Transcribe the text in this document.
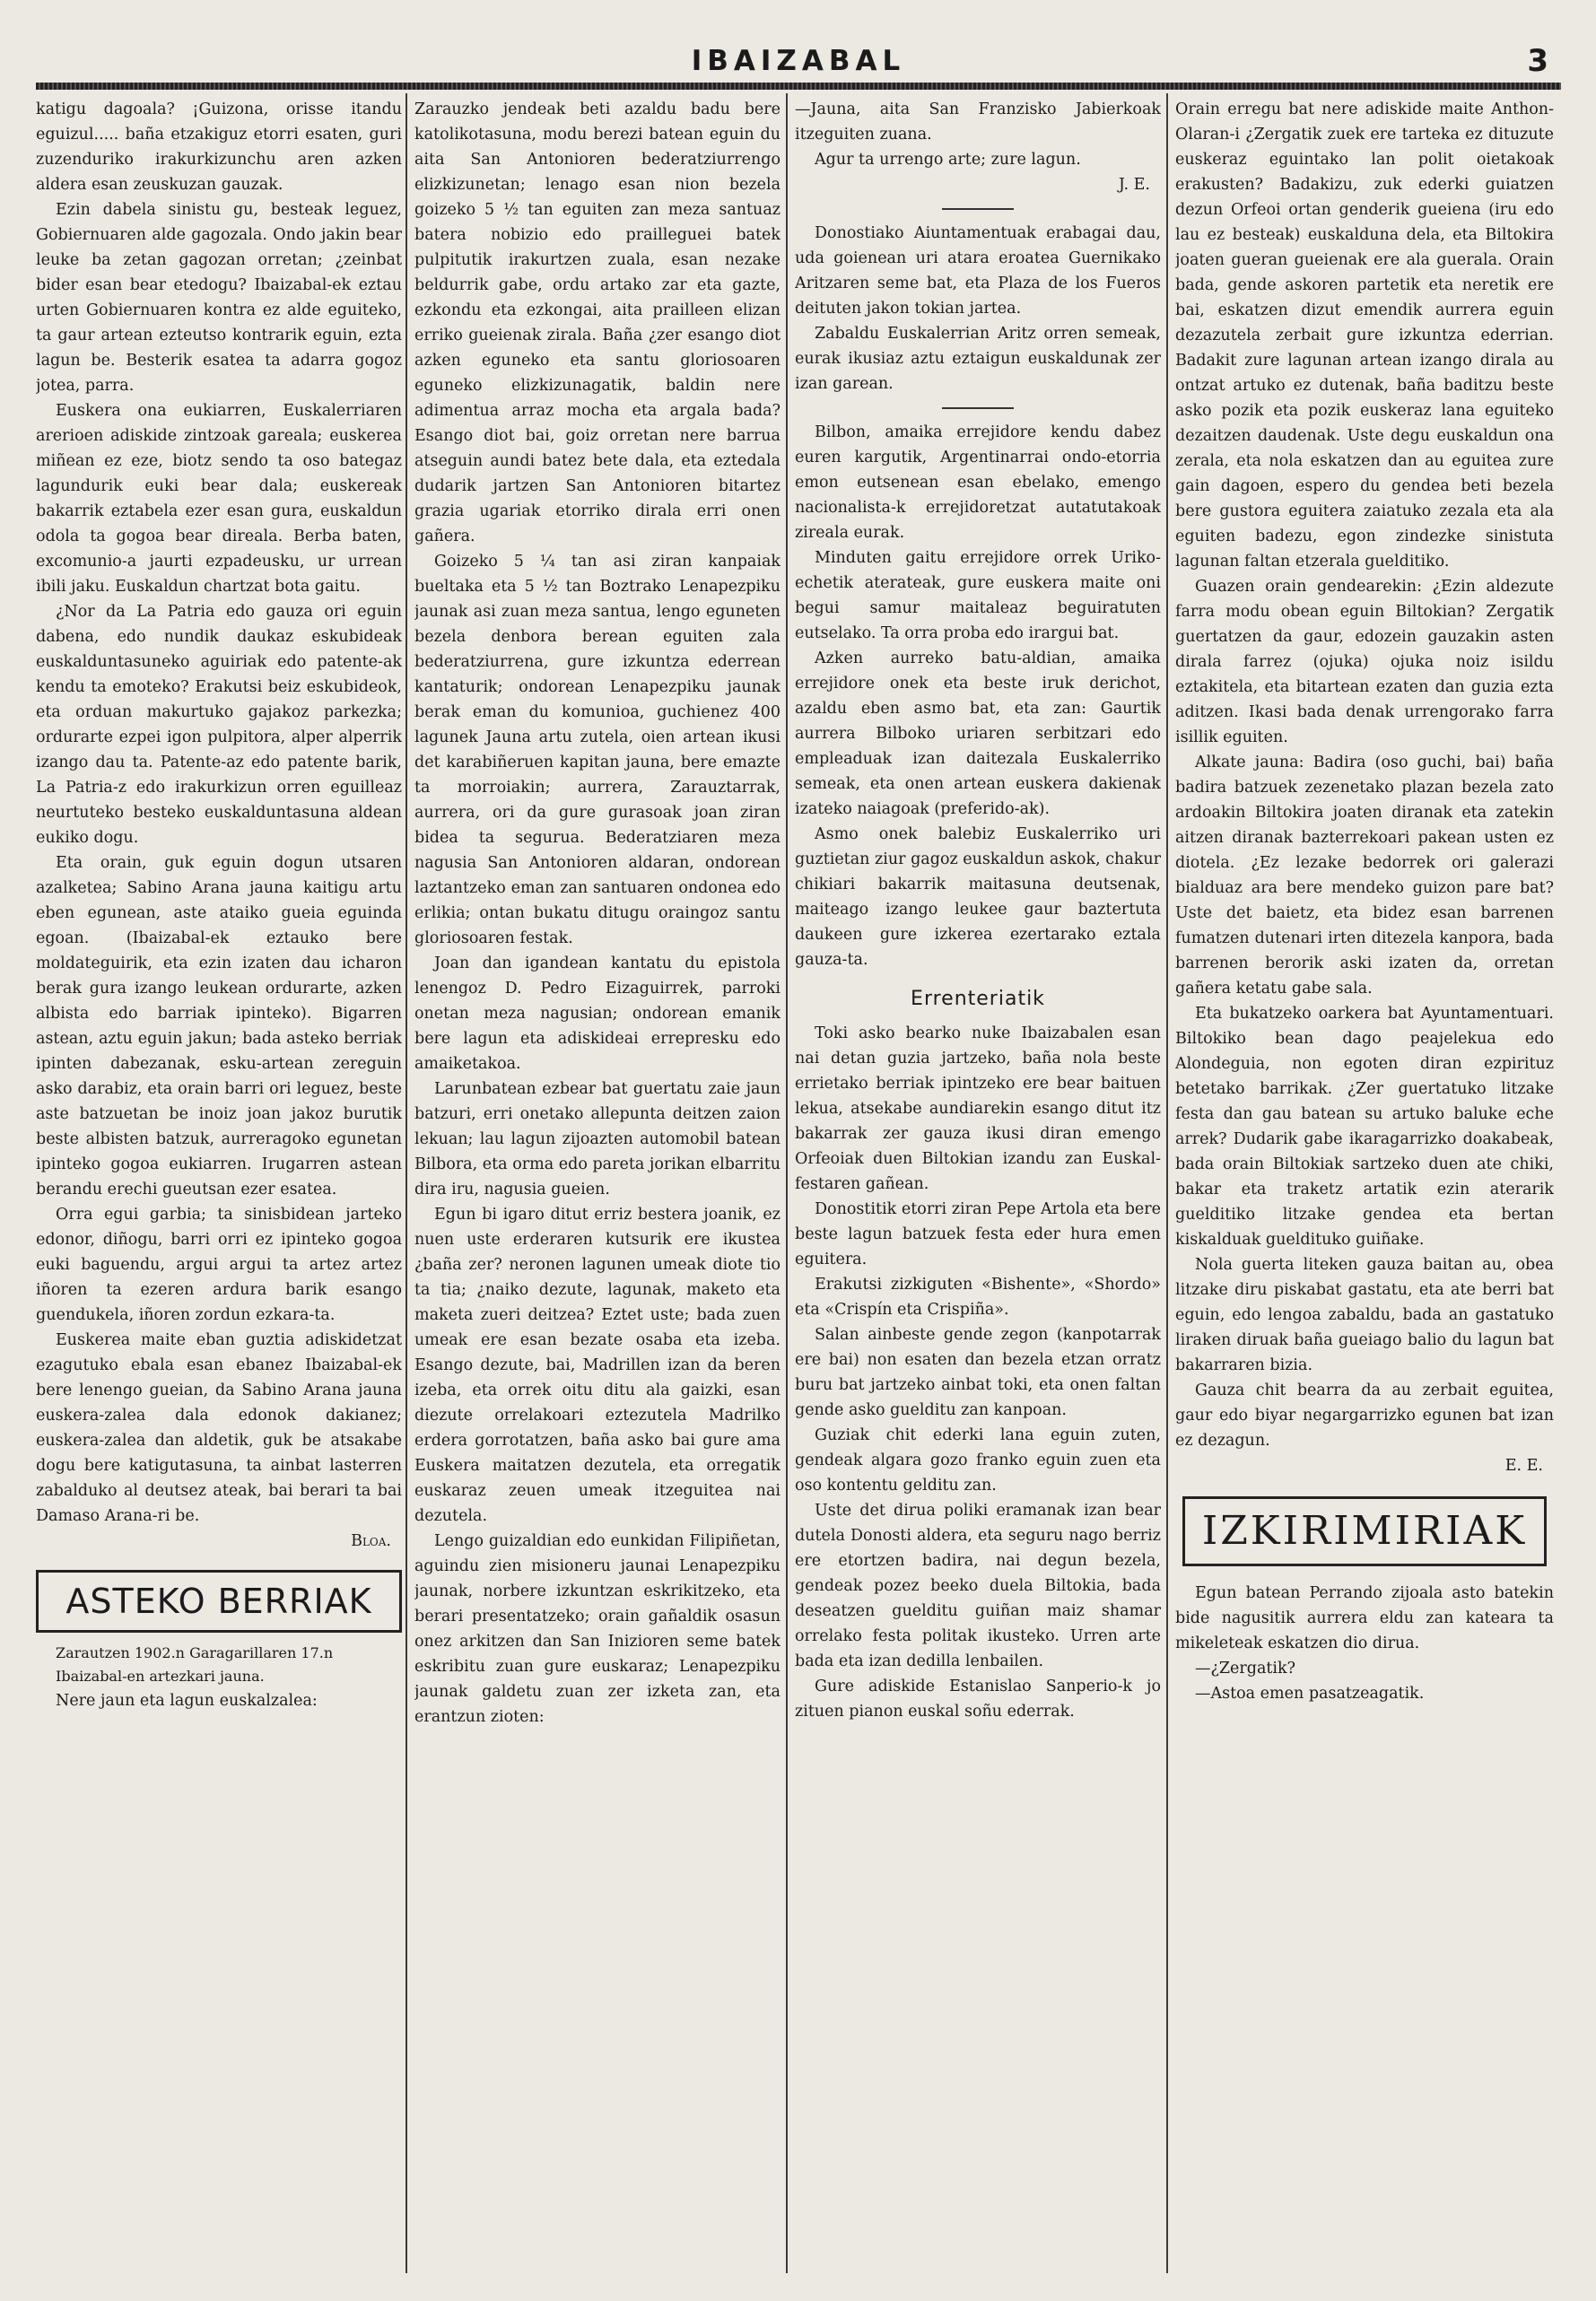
IBAIZABAL	3

katigu dagoala? ¡Guizona, orisse itandu eguizul..... baña etzakiguz etorri esaten, guri zuzenduriko irakurkizunchu aren azken aldera esan zeuskuzan gauzak.

Ezin dabela sinistu gu, besteak leguez, Gobiernuaren alde gagozala. Ondo jakin bear leuke ba zetan gagozan orretan; ¿zeinbat bider esan bear etedogu? Ibaizabal-ek eztau urten Gobiernuaren kontra ez alde eguiteko, ta gaur artean ezteutso kontrarik eguin, ezta lagun be. Besterik esatea ta adarra gogoz jotea, parra.

Euskera ona eukiarren, Euskalerriaren arerioen adiskide zintzoak gareala; euskerea miñean ez eze, biotz sendo ta oso bategaz lagundurik euki bear dala; euskereak bakarrik eztabela ezer esan gura, euskaldun odola ta gogoa bear direala. Berba baten, excomunio-a jaurti ezpadeusku, ur urrean ibili jaku. Euskaldun chartzat bota gaitu.

¿Nor da La Patria edo gauza ori eguin dabena, edo nundik daukaz eskubideak euskalduntasuneko aguiriak edo patente-ak kendu ta emoteko? Erakutsi beiz eskubideok, eta orduan makurtuko gajakoz parkezka; ordurarte ezpei igon pulpitora, alper alperrik izango dau ta. Patente-az edo patente barik, La Patria-z edo irakurkizun orren eguilleaz neurtuteko besteko euskalduntasuna aldean eukiko dogu.

Eta orain, guk eguin dogun utsaren azalketea; Sabino Arana jauna kaitigu artu eben egunean, aste ataiko gueia eguinda egoan. (Ibaizabal-ek eztauko bere moldateguirik, eta ezin izaten dau icharon berak gura izango leukean ordurarte, azken albista edo barriak ipinteko). Bigarren astean, aztu eguin jakun; bada asteko berriak ipinten dabezanak, esku-artean zereguin asko darabiz, eta orain barri ori leguez, beste aste batzuetan be inoiz joan jakoz burutik beste albisten batzuk, aurreragoko egunetan ipinteko gogoa eukiarren. Irugarren astean berandu erechi gueutsan ezer esatea.

Orra egui garbia; ta sinisbidean jarteko edonor, diñogu, barri orri ez ipinteko gogoa euki baguendu, argui argui ta artez artez iñoren ta ezeren ardura barik esango guendukela, iñoren zordun ezkara-ta.

Euskerea maite eban guztia adiskidetzat ezagutuko ebala esan ebanez Ibaizabal-ek bere lenengo gueian, da Sabino Arana jauna euskera-zalea dala edonok dakianez; euskera-zalea dan aldetik, guk be atsakabe dogu bere katigutasuna, ta ainbat lasterren zabalduko al deutsez ateak, bai berari ta bai Damaso Arana-ri be.

Bloa.

ASTEKO BERRIAK

Zarautzen 1902.n Garagarillaren 17.n

Ibaizabal-en artezkari jauna.

Nere jaun eta lagun euskalzalea:

Zarauzko jendeak beti azaldu badu bere katolikotasuna, modu berezi batean eguin du aita San Antonioren bederatziurrengo elizkizunetan; lenago esan nion bezela goizeko 5 ½ tan eguiten zan meza santuaz batera nobizio edo prailleguei batek pulpitutik irakurtzen zuala, esan nezake beldurrik gabe, ordu artako zar eta gazte, ezkondu eta ezkongai, aita prailleen elizan erriko gueienak zirala. Baña ¿zer esango diot azken eguneko eta santu gloriosoaren eguneko elizkizunagatik, baldin nere adimentua arraz mocha eta argala bada? Esango diot bai, goiz orretan nere barrua atseguin aundi batez bete dala, eta eztedala dudarik jartzen San Antonioren bitartez grazia ugariak etorriko dirala erri onen gañera.

Goizeko 5 ¼ tan asi ziran kanpaiak bueltaka eta 5 ½ tan Boztrako Lenapezpiku jaunak asi zuan meza santua, lengo eguneten bezela denbora berean eguiten zala bederatziurrena, gure izkuntza ederrean kantaturik; ondorean Lenapezpiku jaunak berak eman du komunioa, guchienez 400 lagunek Jauna artu zutela, oien artean ikusi det karabiñeruen kapitan jauna, bere emazte ta morroiakin; aurrera, Zarauztarrak, aurrera, ori da gure gurasoak joan ziran bidea ta segurua. Bederatziaren meza nagusia San Antonioren aldaran, ondorean laztantzeko eman zan santuaren ondonea edo erlikia; ontan bukatu ditugu oraingoz santu gloriosoaren festak.

Joan dan igandean kantatu du epistola lenengoz D. Pedro Eizaguirrek, parroki onetan meza nagusian; ondorean emanik bere lagun eta adiskideai errepresku edo amaiketakoa.

Larunbatean ezbear bat guertatu zaie jaun batzuri, erri onetako allepunta deitzen zaion lekuan; lau lagun zijoazten automobil batean Bilbora, eta orma edo pareta jorikan elbarritu dira iru, nagusia gueien.

Egun bi igaro ditut erriz bestera joanik, ez nuen uste erderaren kutsurik ere ikustea ¿baña zer? neronen lagunen umeak diote tio ta tia; ¿naiko dezute, lagunak, maketo eta maketa zueri deitzea? Eztet uste; bada zuen umeak ere esan bezate osaba eta izeba. Esango dezute, bai, Madrillen izan da beren izeba, eta orrek oitu ditu ala gaizki, esan diezute orrelakoari eztezutela Madrilko erdera gorrotatzen, baña asko bai gure ama Euskera maitatzen dezutela, eta orregatik euskaraz zeuen umeak itzeguitea nai dezutela.

Lengo guizaldian edo eunkidan Filipiñetan, aguindu zien misioneru jaunai Lenapezpiku jaunak, norbere izkuntzan eskrikitzeko, eta berari presentatzeko; orain gañaldik osasun onez arkitzen dan San Inizioren seme batek eskribitu zuan gure euskaraz; Lenapezpiku jaunak galdetu zuan zer izketa zan, eta erantzun zioten:

—Jauna, aita San Franzisko Jabierkoak itzeguiten zuana.

Agur ta urrengo arte; zure lagun.

J. E.

Donostiako Aiuntamentuak erabagai dau, uda goienean uri atara eroatea Guernikako Aritzaren seme bat, eta Plaza de los Fueros deituten jakon tokian jartea.

Zabaldu Euskalerrian Aritz orren semeak, eurak ikusiaz aztu eztaigun euskaldunak zer izan garean.

Bilbon, amaika errejidore kendu dabez euren kargutik, Argentinarrai ondo-etorria emon eutsenean esan ebelako, emengo nacionalista-k errejidoretzat autatutakoak zireala eurak.

Minduten gaitu errejidore orrek Uriko-echetik aterateak, gure euskera maite oni begui samur maitaleaz beguiratuten eutselako. Ta orra proba edo irargui bat.

Azken aurreko batu-aldian, amaika errejidore onek eta beste iruk derichot, azaldu eben asmo bat, eta zan: Gaurtik aurrera Bilboko uriaren serbitzari edo empleaduak izan daitezala Euskalerriko semeak, eta onen artean euskera dakienak izateko naiagoak (preferido-ak).

Asmo onek balebiz Euskalerriko uri guztietan ziur gagoz euskaldun askok, chakur chikiari bakarrik maitasuna deutsenak, maiteago izango leukee gaur baztertuta daukeen gure izkerea ezertarako eztala gauza-ta.

Errenteriatik

Toki asko bearko nuke Ibaizabalen esan nai detan guzia jartzeko, baña nola beste errietako berriak ipintzeko ere bear baituen lekua, atsekabe aundiarekin esango ditut itz bakarrak zer gauza ikusi diran emengo Orfeoiak duen Biltokian izandu zan Euskal-festaren gañean.

Donostitik etorri ziran Pepe Artola eta bere beste lagun batzuek festa eder hura emen eguitera.

Erakutsi zizkiguten «Bishente», «Shordo» eta «Crispín eta Crispiña».

Salan ainbeste gende zegon (kanpotarrak ere bai) non esaten dan bezela etzan orratz buru bat jartzeko ainbat toki, eta onen faltan gende asko guelditu zan kanpoan.

Guziak chit ederki lana eguin zuten, gendeak algara gozo franko eguin zuen eta oso kontentu gelditu zan.

Uste det dirua poliki eramanak izan bear dutela Donosti aldera, eta seguru nago berriz ere etortzen badira, nai degun bezela, gendeak pozez beeko duela Biltokia, bada deseatzen guelditu guiñan maiz shamar orrelako festa politak ikusteko. Urren arte bada eta izan dedilla lenbailen.

Gure adiskide Estanislao Sanperio-k jo zituen pianon euskal soñu ederrak.

Orain erregu bat nere adiskide maite Anthon-Olaran-i ¿Zergatik zuek ere tarteka ez dituzute euskeraz eguintako lan polit oietakoak erakusten? Badakizu, zuk ederki guiatzen dezun Orfeoi ortan genderik gueiena (iru edo lau ez besteak) euskalduna dela, eta Biltokira joaten gueran gueienak ere ala guerala. Orain bada, gende askoren partetik eta neretik ere bai, eskatzen dizut emendik aurrera eguin dezazutela zerbait gure izkuntza ederrian. Badakit zure lagunan artean izango dirala au ontzat artuko ez dutenak, baña baditzu beste asko pozik eta pozik euskeraz lana eguiteko dezaitzen daudenak. Uste degu euskaldun ona zerala, eta nola eskatzen dan au eguitea zure gain dagoen, espero du gendea beti bezela bere gustora eguitera zaiatuko zezala eta ala eguiten badezu, egon zindezke sinistuta lagunan faltan etzerala guelditiko.

Guazen orain gendearekin: ¿Ezin aldezute farra modu obean eguin Biltokian? Zergatik guertatzen da gaur, edozein gauzakin asten dirala farrez (ojuka) ojuka noiz isildu eztakitela, eta bitartean ezaten dan guzia ezta aditzen. Ikasi bada denak urrengorako farra isillik eguiten.

Alkate jauna: Badira (oso guchi, bai) baña badira batzuek zezenetako plazan bezela zato ardoakin Biltokira joaten diranak eta zatekin aitzen diranak bazterrekoari pakean usten ez diotela. ¿Ez lezake bedorrek ori galerazi bialduaz ara bere mendeko guizon pare bat? Uste det baietz, eta bidez esan barrenen fumatzen dutenari irten ditezela kanpora, bada barrenen berorik aski izaten da, orretan gañera ketatu gabe sala.

Eta bukatzeko oarkera bat Ayuntamentuari. Biltokiko bean dago peajelekua edo Alondeguia, non egoten diran ezpirituz betetako barrikak. ¿Zer guertatuko litzake festa dan gau batean su artuko baluke eche arrek? Dudarik gabe ikaragarrizko doakabeak, bada orain Biltokiak sartzeko duen ate chiki, bakar eta traketz artatik ezin aterarik guelditiko litzake gendea eta bertan kiskalduak gueldituko guiñake.

Nola guerta liteken gauza baitan au, obea litzake diru piskabat gastatu, eta ate berri bat eguin, edo lengoa zabaldu, bada an gastatuko liraken diruak baña gueiago balio du lagun bat bakarraren bizia.

Gauza chit bearra da au zerbait eguitea, gaur edo biyar negargarrizko egunen bat izan ez dezagun.

E. E.

IZKIRIMIRIAK

Egun batean Perrando zijoala asto batekin bide nagusitik aurrera eldu zan katearа ta mikeleteak eskatzen dio dirua.

—¿Zergatik?

—Astoa emen pasatzeagatik.
